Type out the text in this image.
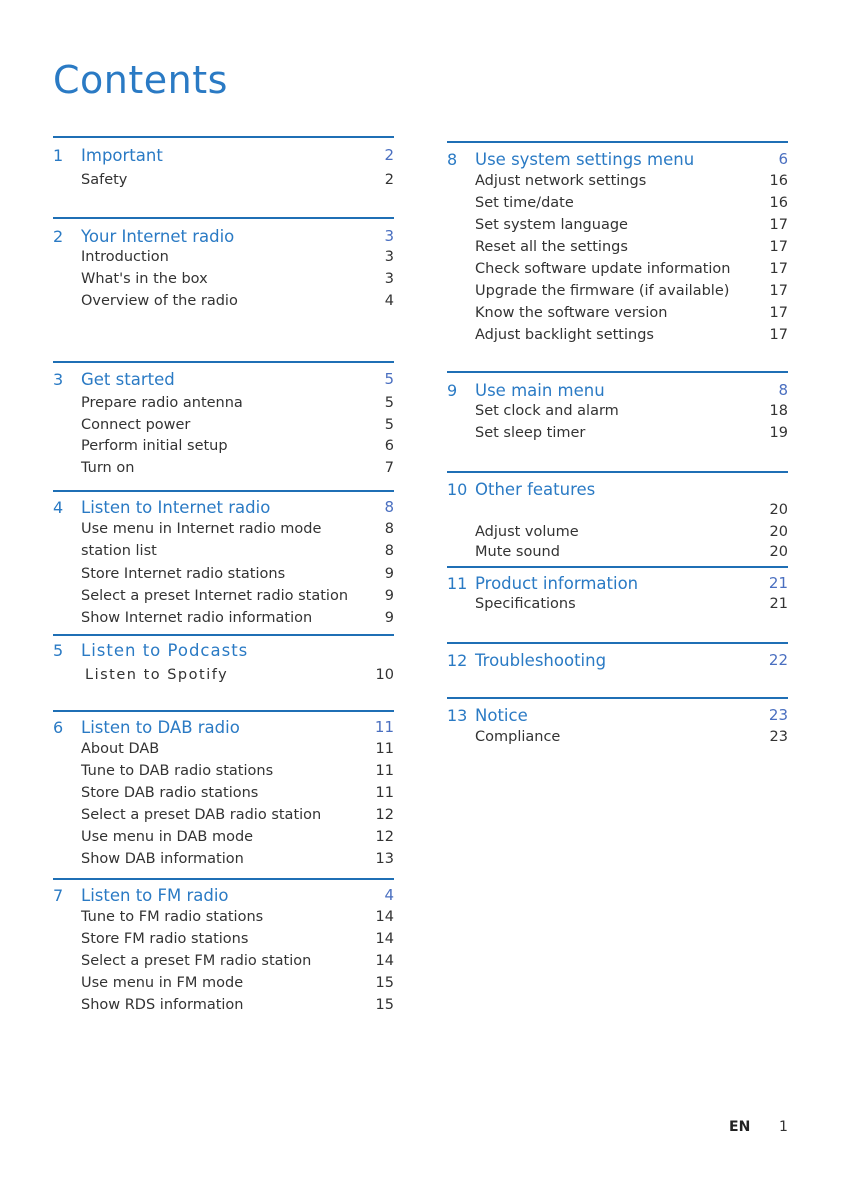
Contents
1 Important	2
Safety	2
2 Your Internet radio	3
Introduction	3
What's in the box	3
Overview of the radio	4
3 Get started	5
Prepare radio antenna	5
Connect power	5
Perform initial setup	6
Turn on	7
4 Listen to Internet radio	8
Use menu in Internet radio mode	8
station list	8
Store Internet radio stations	9
Select a preset Internet radio station	9
Show Internet radio information	9
5 Listen to Podcasts
Listen to Spotify	10
6 Listen to DAB radio	11
About DAB	11
Tune to DAB radio stations	11
Store DAB radio stations	11
Select a preset DAB radio station	12
Use menu in DAB mode	12
Show DAB information	13
7 Listen to FM radio	4
Tune to FM radio stations	14
Store FM radio stations	14
Select a preset FM radio station	14
Use menu in FM mode	15
Show RDS information	15
8 Use system settings menu	6
Adjust network settings	16
Set time/date	16
Set system language	17
Reset all the settings	17
Check software update information	17
Upgrade the firmware (if available)	17
Know the software version	17
Adjust backlight settings	17
9 Use main menu	8
Set clock and alarm	18
Set sleep timer	19
10 Other features
20
Adjust volume	20
Mute sound	20
11 Product information	21
Specifications	21
12 Troubleshooting	22
13 Notice	23
Compliance	23
EN 1
